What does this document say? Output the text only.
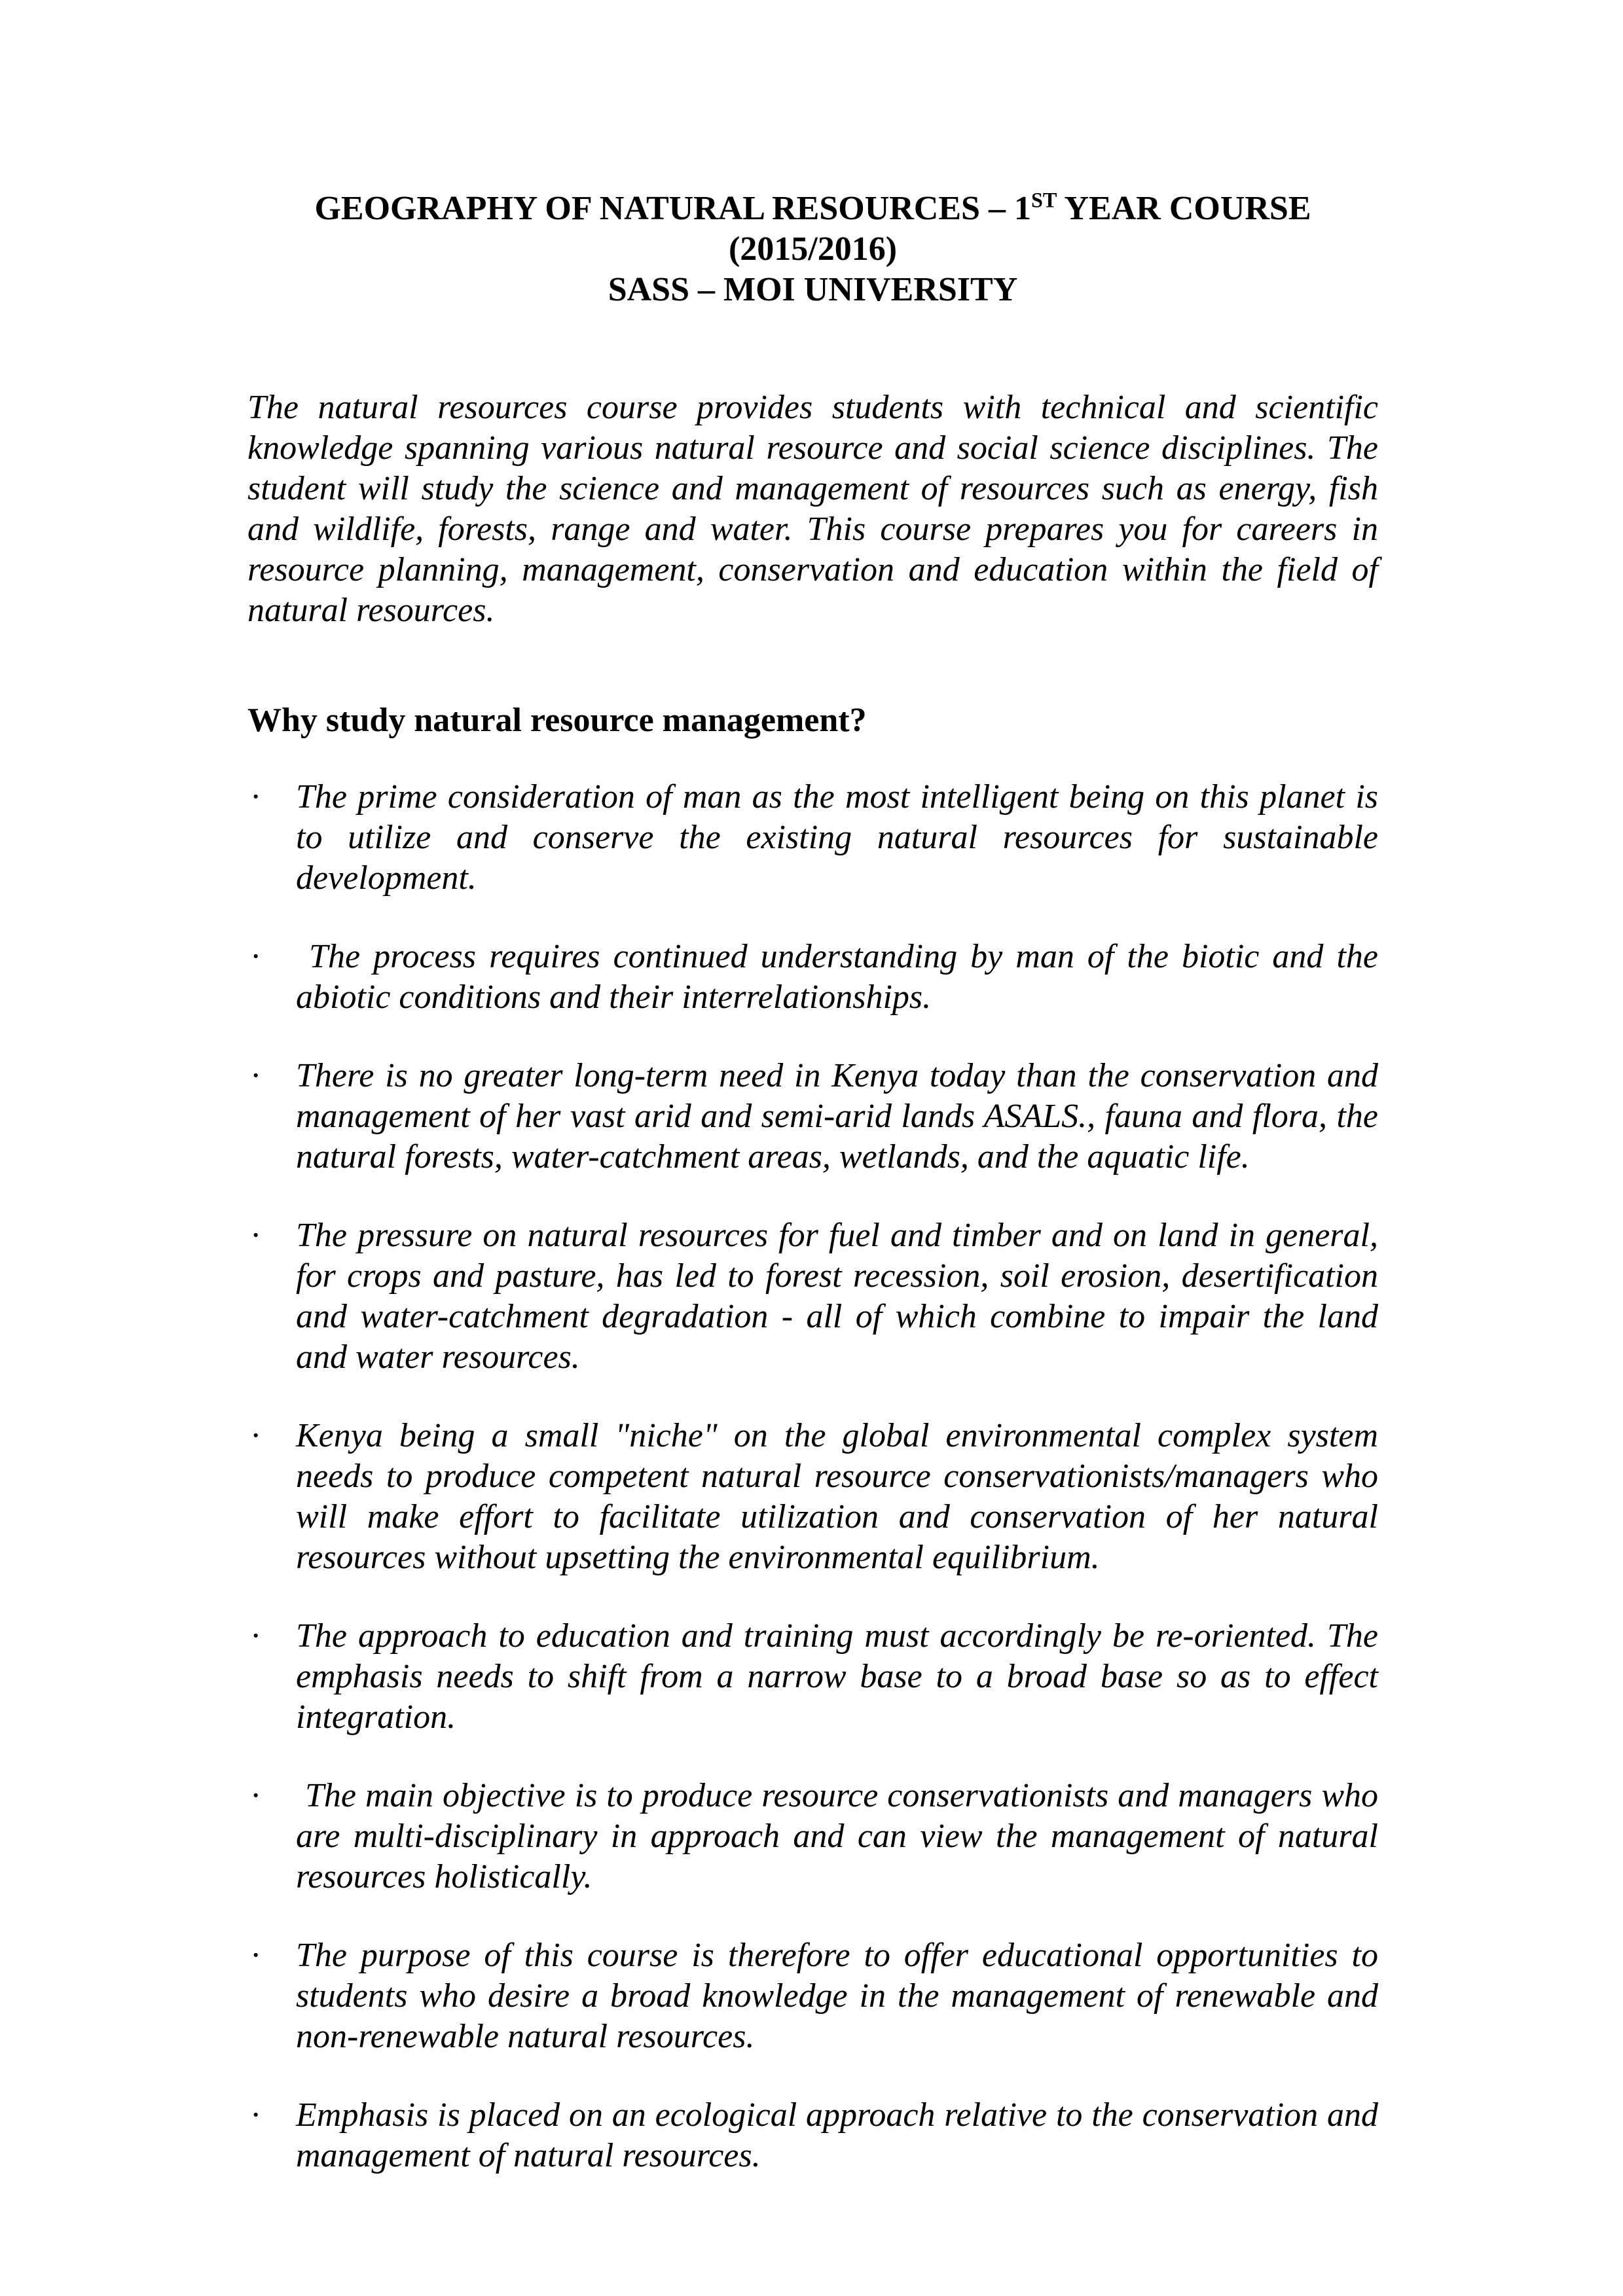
GEOGRAPHY OF NATURAL RESOURCES – 1ST YEAR COURSE (2015/2016)
SASS – MOI UNIVERSITY

The natural resources course provides students with technical and scientific knowledge spanning various natural resource and social science disciplines. The student will study the science and management of resources such as energy, fish and wildlife, forests, range and water. This course prepares you for careers in resource planning, management, conservation and education within the field of natural resources.

Why study natural resource management?
· The prime consideration of man as the most intelligent being on this planet is to utilize and conserve the existing natural resources for sustainable development.
· The process requires continued understanding by man of the biotic and the abiotic conditions and their interrelationships.
· There is no greater long-term need in Kenya today than the conservation and management of her vast arid and semi-arid lands ASALS., fauna and flora, the natural forests, water-catchment areas, wetlands, and the aquatic life.
· The pressure on natural resources for fuel and timber and on land in general, for crops and pasture, has led to forest recession, soil erosion, desertification and water-catchment degradation - all of which combine to impair the land and water resources.
· Kenya being a small "niche" on the global environmental complex system needs to produce competent natural resource conservationists/managers who will make effort to facilitate utilization and conservation of her natural resources without upsetting the environmental equilibrium.
· The approach to education and training must accordingly be re-oriented. The emphasis needs to shift from a narrow base to a broad base so as to effect integration.
· The main objective is to produce resource conservationists and managers who are multi-disciplinary in approach and can view the management of natural resources holistically.
· The purpose of this course is therefore to offer educational opportunities to students who desire a broad knowledge in the management of renewable and non-renewable natural resources.
· Emphasis is placed on an ecological approach relative to the conservation and management of natural resources.
